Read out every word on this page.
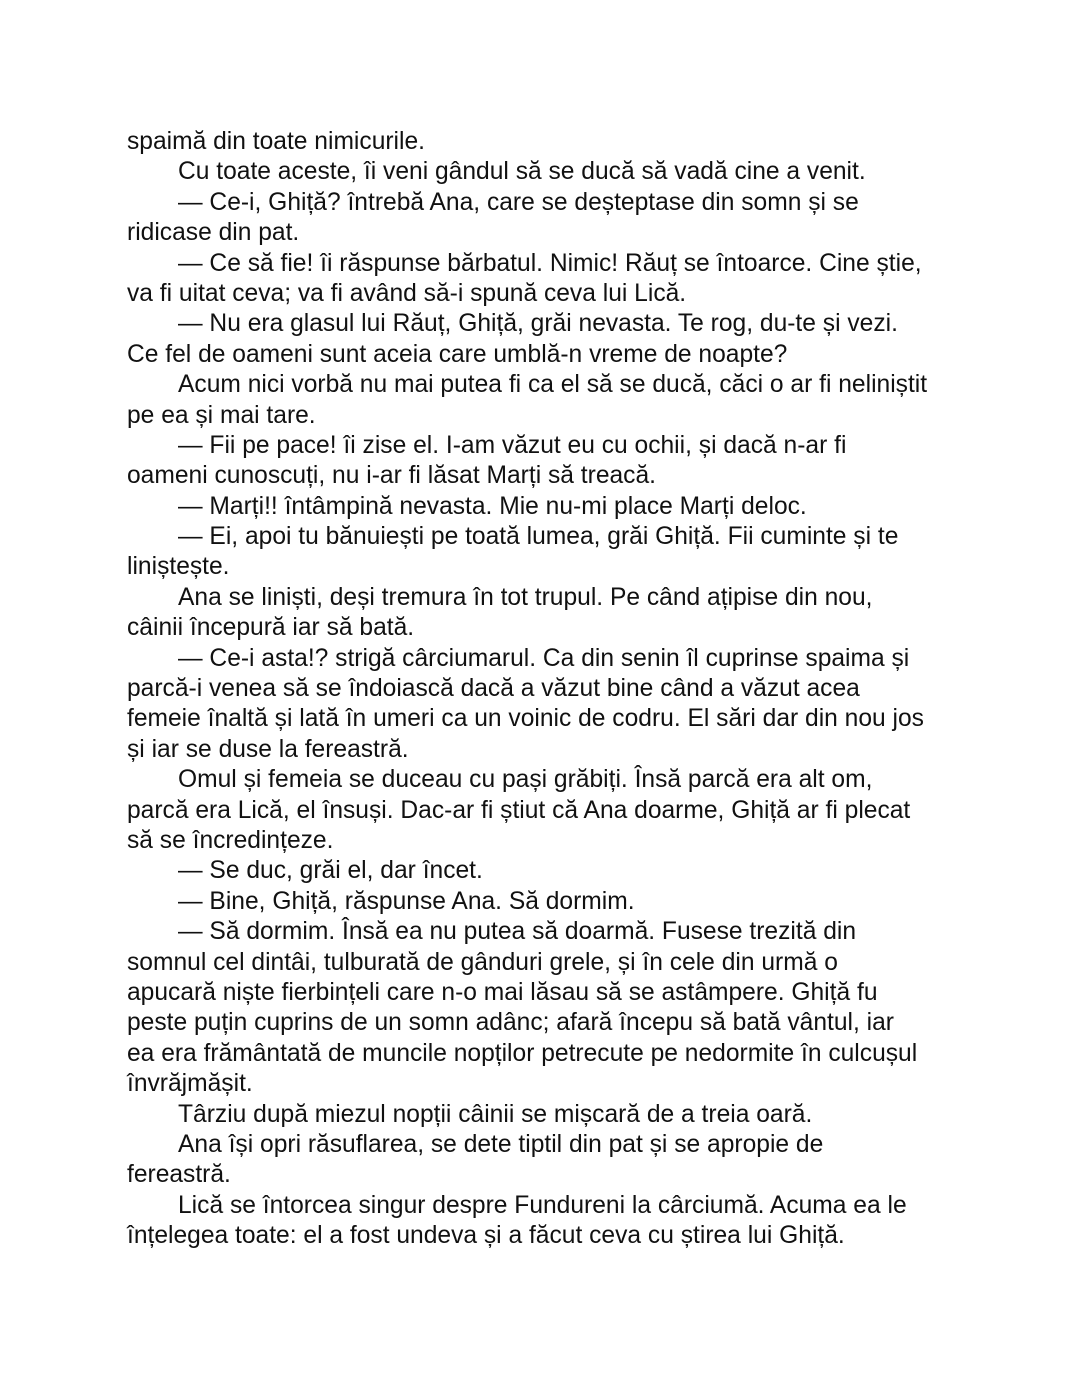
spaimă din toate nimicurile.
Cu toate aceste, îi veni gândul să se ducă să vadă cine a venit.
— Ce-i, Ghiță? întrebă Ana, care se deșteptase din somn și se
ridicase din pat.
— Ce să fie! îi răspunse bărbatul. Nimic! Răuț se întoarce. Cine știe,
va fi uitat ceva; va fi având să-i spună ceva lui Lică.
— Nu era glasul lui Răuț, Ghiță, grăi nevasta. Te rog, du-te și vezi.
Ce fel de oameni sunt aceia care umblă-n vreme de noapte?
Acum nici vorbă nu mai putea fi ca el să se ducă, căci o ar fi neliniștit
pe ea și mai tare.
— Fii pe pace! îi zise el. I-am văzut eu cu ochii, și dacă n-ar fi
oameni cunoscuți, nu i-ar fi lăsat Marți să treacă.
— Marți!! întâmpină nevasta. Mie nu-mi place Marți deloc.
— Ei, apoi tu bănuiești pe toată lumea, grăi Ghiță. Fii cuminte și te
liniștește.
Ana se liniști, deși tremura în tot trupul. Pe când ațipise din nou,
câinii începură iar să bată.
— Ce-i asta!? strigă cârciumarul. Ca din senin îl cuprinse spaima și
parcă-i venea să se îndoiască dacă a văzut bine când a văzut acea
femeie înaltă și lată în umeri ca un voinic de codru. El sări dar din nou jos
și iar se duse la fereastră.
Omul și femeia se duceau cu pași grăbiți. Însă parcă era alt om,
parcă era Lică, el însuși. Dac-ar fi știut că Ana doarme, Ghiță ar fi plecat
să se încredințeze.
— Se duc, grăi el, dar încet.
— Bine, Ghiță, răspunse Ana. Să dormim.
— Să dormim. Însă ea nu putea să doarmă. Fusese trezită din
somnul cel dintâi, tulburată de gânduri grele, și în cele din urmă o
apucară niște fierbințeli care n-o mai lăsau să se astâmpere. Ghiță fu
peste puțin cuprins de un somn adânc; afară începu să bată vântul, iar
ea era frământată de muncile nopților petrecute pe nedormite în culcușul
învrăjmășit.
Târziu după miezul nopții câinii se mișcară de a treia oară.
Ana își opri răsuflarea, se dete tiptil din pat și se apropie de
fereastră.
Lică se întorcea singur despre Fundureni la cârciumă. Acuma ea le
înțelegea toate: el a fost undeva și a făcut ceva cu știrea lui Ghiță.
